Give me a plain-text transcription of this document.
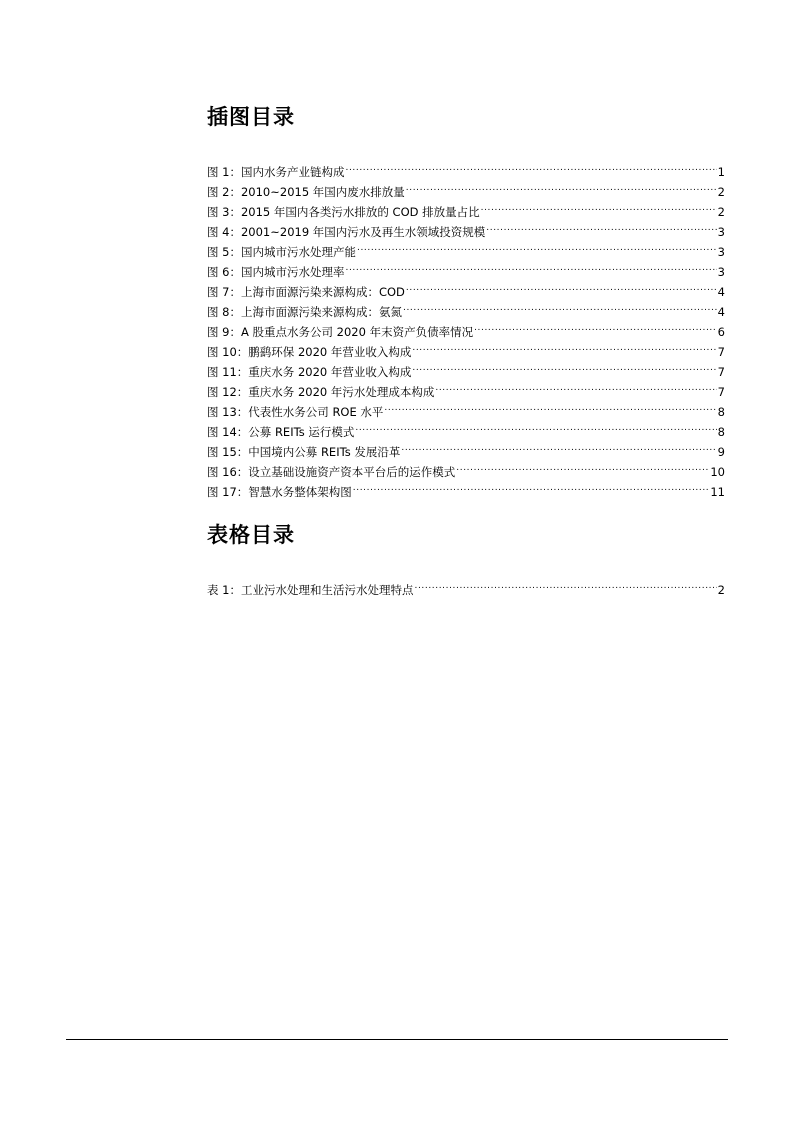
插图目录
图 1：国内水务产业链构成 .....	1
图 2：2010~2015 年国内废水排放量 .....	2
图 3：2015 年国内各类污水排放的 COD 排放量占比 .....	2
图 4：2001~2019 年国内污水及再生水领域投资规模 .....	3
图 5：国内城市污水处理产能 .....	3
图 6：国内城市污水处理率 .....	3
图 7：上海市面源污染来源构成：COD .....	4
图 8：上海市面源污染来源构成：氨氮 .....	4
图 9：A 股重点水务公司 2020 年末资产负债率情况 .....	6
图 10：鹏鹞环保 2020 年营业收入构成 .....	7
图 11：重庆水务 2020 年营业收入构成 .....	7
图 12：重庆水务 2020 年污水处理成本构成 .....	7
图 13：代表性水务公司 ROE 水平 .....	8
图 14：公募 REITs 运行模式 .....	8
图 15：中国境内公募 REITs 发展沿革 .....	9
图 16：设立基础设施资产资本平台后的运作模式 .....	10
图 17：智慧水务整体架构图 .....	11
表格目录
表 1：工业污水处理和生活污水处理特点 .....	2
